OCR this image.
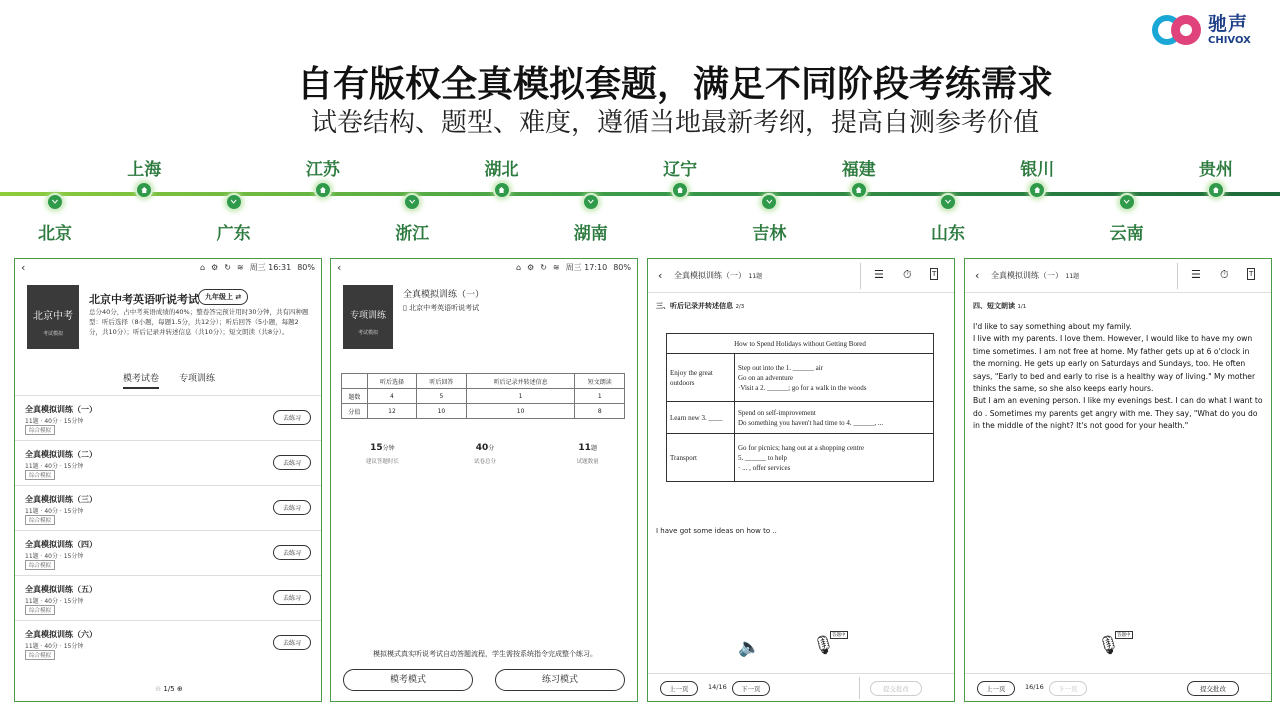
驰声
CHIVOX
自有版权全真模拟套题，满足不同阶段考练需求
试卷结构、题型、难度，遵循当地最新考纲，提高自测参考价值
北京
上海
广东
江苏
浙江
湖北
湖南
辽宁
吉林
福建
山东
银川
云南
贵州
‹	⌂ ⚙ ↻ ≋ 周三 16:31 80%
北京中考
考试模拟
北京中考英语听说考试 九年级上 ⇄
总分40分，占中考英语成绩的40%；整卷答完预计用时30分钟，共有四种题型：听后选择（8小题，每题1.5分，共12分）；听后回答（5小题，每题2分，共10分）；听后记录并转述信息（共10分）；短文朗读（共8分）。
模考试卷 专项训练
全真模拟训练（一）
11题 · 40分 · 15分钟
综合模拟
去练习
全真模拟训练（二）
11题 · 40分 · 15分钟
综合模拟
去练习
全真模拟训练（三）
11题 · 40分 · 15分钟
综合模拟
去练习
全真模拟训练（四）
11题 · 40分 · 15分钟
综合模拟
去练习
全真模拟训练（五）
11题 · 40分 · 15分钟
综合模拟
去练习
全真模拟训练（六）
11题 · 40分 · 15分钟
综合模拟
去练习
⊖ 1/5 ⊕
‹	⌂ ⚙ ↻ ≋ 周三 17:10 80%
专项训练
考试模拟
全真模拟训练（一）
▯ 北京中考英语听说考试
	听后选择	听后回答	听后记录并转述信息	短文朗读
题数	4	5	1	1
分值	12	10	10	8
15分钟
建议答题时长
40分
试卷总分
11题
试题数量
模拟模式真实听说考试自动答题流程，学生需按系统指令完成整个练习。
模考模式	练习模式
‹ 全真模拟训练（一） 11题	☰ ⏱	T
三、听后记录并转述信息 2/3
How to Spend Holidays without Getting Bored	
Enjoy the great outdoors	Step out into the 1. ______ air
Go on an adventure
·Visit a 2. ______; go for a walk in the woods

Learn new 3. ____	Spend on self-improvement
Do something you haven't had time to 4. ______, ...

Transport	Go for picnics; hang out at a shopping centre
5. ______ to help
· ... , offer services
I have got some ideas on how to ..
🔈	🎙
答题中
上一页	14/16	下一页	提交批改
‹ 全真模拟训练（一） 11题	☰ ⏱	T
四、短文朗读 1/1
I'd like to say something about my family.
I live with my parents. I love them. However, I would like to have my own time sometimes. I am not free at home. My father gets up at 6 o'clock in the morning. He gets up early on Saturdays and Sundays, too. He often says, "Early to bed and early to rise is a healthy way of living." My mother thinks the same, so she also keeps early hours.
But I am an evening person. I like my evenings best. I can do what I want to do . Sometimes my parents get angry with me. They say, "What do you do in the middle of the night? It's not good for your health."
🎙
答题中
上一页	16/16	下一页	提交批改
